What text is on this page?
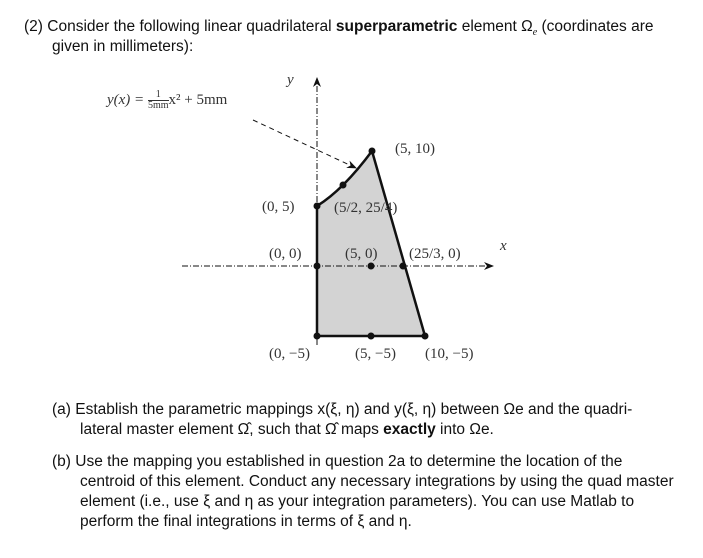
(2) Consider the following linear quadrilateral superparametric element $\Omega_e$ (coordinates are
given in millimeters):
y
x
(0, 5)
(5, 10)
(5/2, 25/4)
(0, 0)	(5, 0) (25/3, 0)
(0, −5)	(5, −5) (10, −5)
$y(x) = \frac{1}{5mm} x^2 + 5mm$
(a) Establish the parametric mappings x(ξ, η) and y(ξ, η) between Ωe and the quadri-
lateral master element Ω̂, such that Ω̂ maps exactly into Ωe.
(b) Use the mapping you established in question 2a to determine the location of the
centroid of this element. Conduct any necessary integrations by using the quad master
element (i.e., use ξ and η as your integration parameters). You can use Matlab to
perform the final integrations in terms of ξ and η.
